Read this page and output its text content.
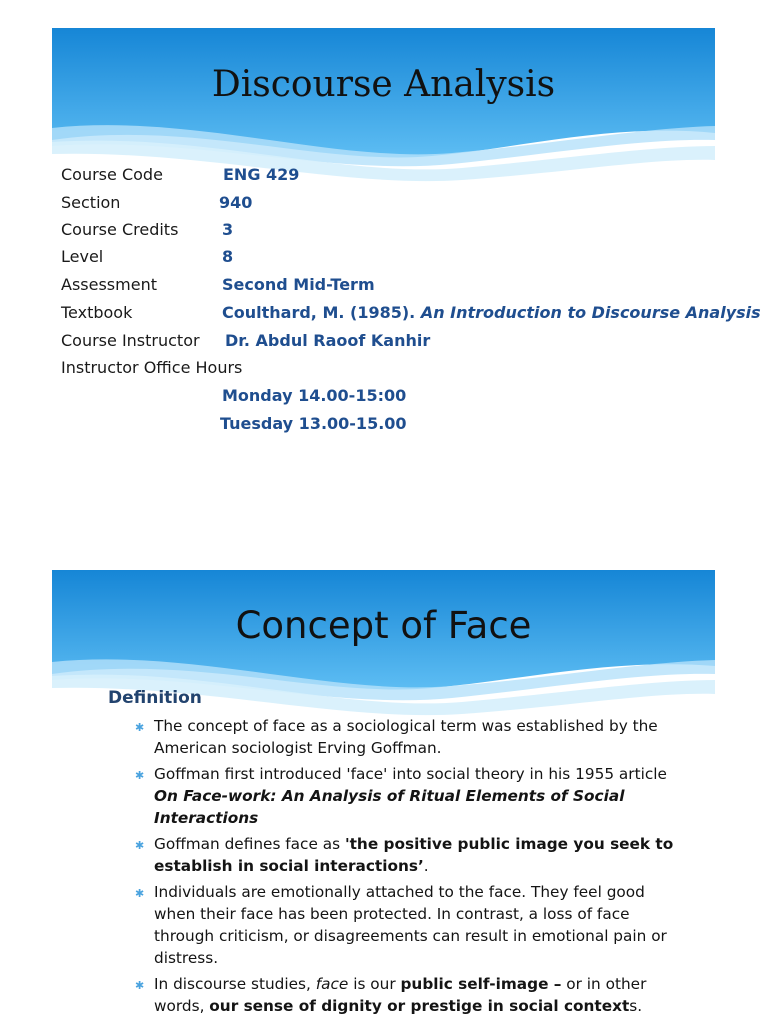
Discourse Analysis
Course Code	ENG 429
Section	940
Course Credits	3
Level	8
Assessment	Second Mid-Term
Textbook	Coulthard, M. (1985). An Introduction to Discourse Analysis
Course Instructor Dr. Abdul Raoof Kanhir
Instructor Office Hours
Monday 14.00-15:00
Tuesday 13.00-15.00
Concept of Face
Definition
✱ The concept of face as a sociological term was established by the American sociologist Erving Goffman.
✱ Goffman first introduced 'face' into social theory in his 1955 article On Face-work: An Analysis of Ritual Elements of Social Interactions
✱ Goffman defines face as 'the positive public image you seek to establish in social interactions’.
✱ Individuals are emotionally attached to the face. They feel good when their face has been protected. In contrast, a loss of face through criticism, or disagreements can result in emotional pain or distress.
✱ In discourse studies, face is our public self-image – or in other words, our sense of dignity or prestige in social contexts.
